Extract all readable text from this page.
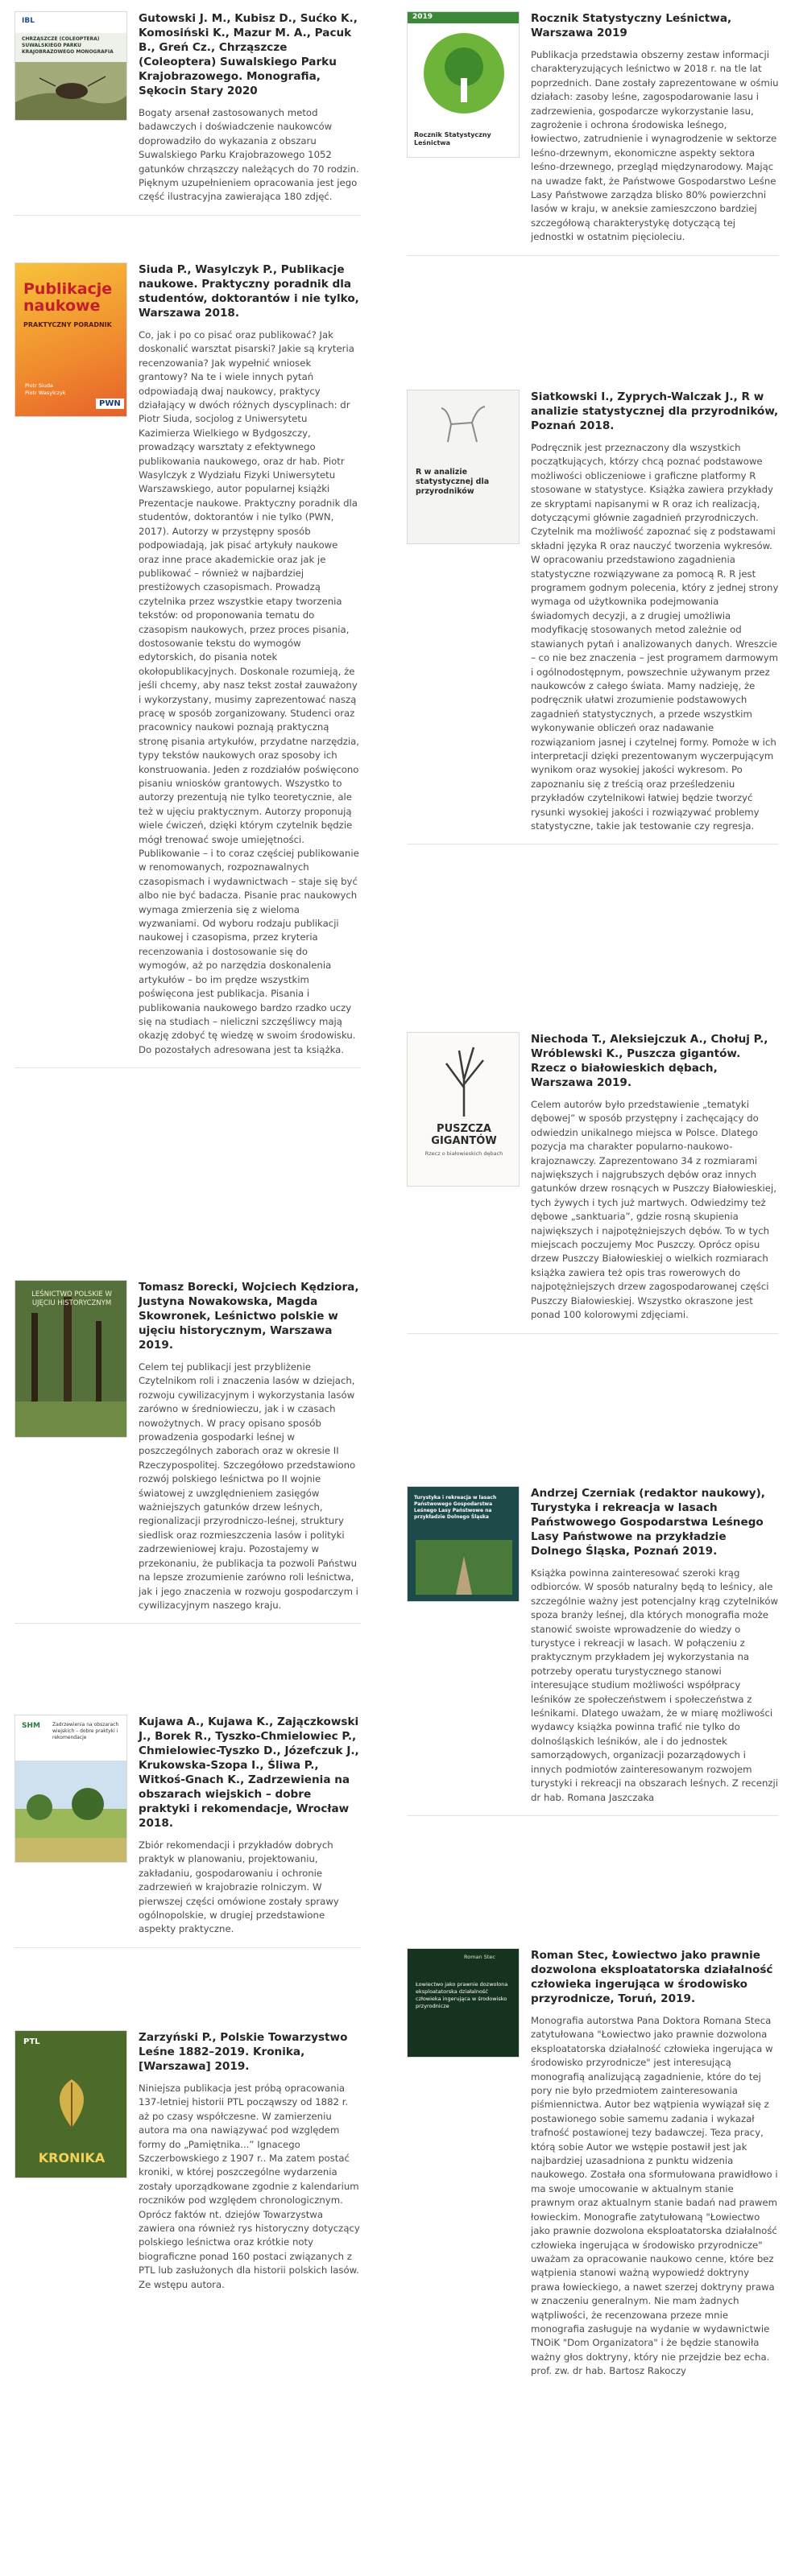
IBL
CHRZĄSZCZE (COLEOPTERA) SUWALSKIEGO PARKU KRAJOBRAZOWEGO MONOGRAFIA
Gutowski J. M., Kubisz D., Sućko K., Komosiński K., Mazur M. A., Pacuk B., Greń Cz., Chrząszcze (Coleoptera) Suwalskiego Parku Krajobrazowego. Monografia, Sękocin Stary 2020
Bogaty arsenał zastosowanych metod badawczych i doświadczenie naukowców doprowadziło do wykazania z obszaru Suwalskiego Parku Krajobrazowego 1052 gatunków chrząszczy należących do 70 rodzin. Pięknym uzupełnieniem opracowania jest jego część ilustracyjna zawierająca 180 zdjęć.
Publikacje naukowe
PRAKTYCZNY PORADNIK
Piotr Siuda
Piotr Wasylczyk
PWN
Siuda P., Wasylczyk P., Publikacje naukowe. Praktyczny poradnik dla studentów, doktorantów i nie tylko, Warszawa 2018.
Co, jak i po co pisać oraz publikować? Jak doskonalić warsztat pisarski? Jakie są kryteria recenzowania? Jak wypełnić wniosek grantowy? Na te i wiele innych pytań odpowiadają dwaj naukowcy, praktycy działający w dwóch różnych dyscyplinach: dr Piotr Siuda, socjolog z Uniwersytetu Kazimierza Wielkiego w Bydgoszczy, prowadzący warsztaty z efektywnego publikowania naukowego, oraz dr hab. Piotr Wasylczyk z Wydziału Fizyki Uniwersytetu Warszawskiego, autor popularnej książki Prezentacje naukowe. Praktyczny poradnik dla studentów, doktorantów i nie tylko (PWN, 2017). Autorzy w przystępny sposób podpowiadają, jak pisać artykuły naukowe oraz inne prace akademickie oraz jak je publikować – również w najbardziej prestiżowych czasopismach. Prowadzą czytelnika przez wszystkie etapy tworzenia tekstów: od proponowania tematu do czasopism naukowych, przez proces pisania, dostosowanie tekstu do wymogów edytorskich, do pisania notek okołopublikacyjnych. Doskonale rozumieją, że jeśli chcemy, aby nasz tekst został zauważony i wykorzystany, musimy zaprezentować naszą pracę w sposób zorganizowany. Studenci oraz pracownicy naukowi poznają praktyczną stronę pisania artykułów, przydatne narzędzia, typy tekstów naukowych oraz sposoby ich konstruowania. Jeden z rozdziałów poświęcono pisaniu wniosków grantowych. Wszystko to autorzy prezentują nie tylko teoretycznie, ale też w ujęciu praktycznym. Autorzy proponują wiele ćwiczeń, dzięki którym czytelnik będzie mógł trenować swoje umiejętności. Publikowanie – i to coraz częściej publikowanie w renomowanych, rozpoznawalnych czasopismach i wydawnictwach – staje się być albo nie być badacza. Pisanie prac naukowych wymaga zmierzenia się z wieloma wyzwaniami. Od wyboru rodzaju publikacji naukowej i czasopisma, przez kryteria recenzowania i dostosowanie się do wymogów, aż po narzędzia doskonalenia artykułów – bo im prędze wszystkim poświęcona jest publikacja. Pisania i publikowania naukowego bardzo rzadko uczy się na studiach – nieliczni szczęśliwcy mają okazję zdobyć tę wiedzę w swoim środowisku. Do pozostałych adresowana jest ta książka.
LEŚNICTWO POLSKIE W UJĘCIU HISTORYCZNYM
Tomasz Borecki, Wojciech Kędziora, Justyna Nowakowska, Magda Skowronek, Leśnictwo polskie w ujęciu historycznym, Warszawa 2019.
Celem tej publikacji jest przybliżenie Czytelnikom roli i znaczenia lasów w dziejach, rozwoju cywilizacyjnym i wykorzystania lasów zarówno w średniowieczu, jak i w czasach nowożytnych. W pracy opisano sposób prowadzenia gospodarki leśnej w poszczególnych zaborach oraz w okresie II Rzeczypospolitej. Szczegółowo przedstawiono rozwój polskiego leśnictwa po II wojnie światowej z uwzględnieniem zasięgów ważniejszych gatunków drzew leśnych, regionalizacji przyrodniczo-leśnej, struktury siedlisk oraz rozmieszczenia lasów i polityki zadrzewieniowej kraju. Pozostajemy w przekonaniu, że publikacja ta pozwoli Państwu na lepsze zrozumienie zarówno roli leśnictwa, jak i jego znaczenia w rozwoju gospodarczym i cywilizacyjnym naszego kraju.
SHM	Zadrzewienia na obszarach wiejskich – dobre praktyki i rekomendacje
Kujawa A., Kujawa K., Zajączkowski J., Borek R., Tyszko-Chmielowiec P., Chmielowiec-Tyszko D., Józefczuk J., Krukowska-Szopa I., Śliwa P., Witkoś-Gnach K., Zadrzewienia na obszarach wiejskich – dobre praktyki i rekomendacje, Wrocław 2018.
Zbiór rekomendacji i przykładów dobrych praktyk w planowaniu, projektowaniu, zakładaniu, gospodarowaniu i ochronie zadrzewień w krajobrazie rolniczym. W pierwszej części omówione zostały sprawy ogólnopolskie, w drugiej przedstawione aspekty praktyczne.
PTL
KRONIKA
Zarzyński P., Polskie Towarzystwo Leśne 1882–2019. Kronika, [Warszawa] 2019.
Niniejsza publikacja jest próbą opracowania 137-letniej historii PTL począwszy od 1882 r. aż po czasy współczesne. W zamierzeniu autora ma ona nawiązywać pod względem formy do „Pamiętnika...” Ignacego Szczerbowskiego z 1907 r.. Ma zatem postać kroniki, w której poszczególne wydarzenia zostały uporządkowane zgodnie z kalendarium roczników pod względem chronologicznym. Oprócz faktów nt. dziejów Towarzystwa zawiera ona również rys historyczny dotyczący polskiego leśnictwa oraz krótkie noty biograficzne ponad 160 postaci związanych z PTL lub zasłużonych dla historii polskich lasów. Ze wstępu autora.
2019
Rocznik Statystyczny Leśnictwa
Rocznik Statystyczny Leśnictwa, Warszawa 2019
Publikacja przedstawia obszerny zestaw informacji charakteryzujących leśnictwo w 2018 r. na tle lat poprzednich. Dane zostały zaprezentowane w ośmiu działach: zasoby leśne, zagospodarowanie lasu i zadrzewienia, gospodarcze wykorzystanie lasu, zagrożenie i ochrona środowiska leśnego, łowiectwo, zatrudnienie i wynagrodzenie w sektorze leśno-drzewnym, ekonomiczne aspekty sektora leśno-drzewnego, przegląd międzynarodowy. Mając na uwadze fakt, że Państwowe Gospodarstwo Leśne Lasy Państwowe zarządza blisko 80% powierzchni lasów w kraju, w aneksie zamieszczono bardziej szczegółową charakterystykę dotyczącą tej jednostki w ostatnim pięcioleciu.
R w analizie statystycznej dla przyrodników
Siatkowski I., Zyprych-Walczak J., R w analizie statystycznej dla przyrodników, Poznań 2018.
Podręcznik jest przeznaczony dla wszystkich początkujących, którzy chcą poznać podstawowe możliwości obliczeniowe i graficzne platformy R stosowane w statystyce. Książka zawiera przykłady ze skryptami napisanymi w R oraz ich realizacją, dotyczącymi głównie zagadnień przyrodniczych. Czytelnik ma możliwość zapoznać się z podstawami składni języka R oraz nauczyć tworzenia wykresów. W opracowaniu przedstawiono zagadnienia statystyczne rozwiązywane za pomocą R. R jest programem godnym polecenia, który z jednej strony wymaga od użytkownika podejmowania świadomych decyzji, a z drugiej umożliwia modyfikację stosowanych metod zależnie od stawianych pytań i analizowanych danych. Wreszcie – co nie bez znaczenia – jest programem darmowym i ogólnodostępnym, powszechnie używanym przez naukowców z całego świata. Mamy nadzieję, że podręcznik ułatwi zrozumienie podstawowych zagadnień statystycznych, a przede wszystkim wykonywanie obliczeń oraz nadawanie rozwiązaniom jasnej i czytelnej formy. Pomoże w ich interpretacji dzięki prezentowanym wyczerpującym wynikom oraz wysokiej jakości wykresom. Po zapoznaniu się z treścią oraz prześledzeniu przykładów czytelnikowi łatwiej będzie tworzyć rysunki wysokiej jakości i rozwiązywać problemy statystyczne, takie jak testowanie czy regresja.
PUSZCZA GIGANTÓW
Rzecz o białowieskich dębach
Niechoda T., Aleksiejczuk A., Chołuj P., Wróblewski K., Puszcza gigantów. Rzecz o białowieskich dębach, Warszawa 2019.
Celem autorów było przedstawienie „tematyki dębowej” w sposób przystępny i zachęcający do odwiedzin unikalnego miejsca w Polsce. Dlatego pozycja ma charakter popularno-naukowo-krajoznawczy. Zaprezentowano 34 z rozmiarami największych i najgrubszych dębów oraz innych gatunków drzew rosnących w Puszczy Białowieskiej, tych żywych i tych już martwych. Odwiedzimy też dębowe „sanktuaria”, gdzie rosną skupienia największych i najpotężniejszych dębów. To w tych miejscach poczujemy Moc Puszczy. Oprócz opisu drzew Puszczy Białowieskiej o wielkich rozmiarach książka zawiera też opis tras rowerowych do najpotężniejszych drzew zagospodarowanej części Puszczy Białowieskiej. Wszystko okraszone jest ponad 100 kolorowymi zdjęciami.
Turystyka i rekreacja w lasach Państwowego Gospodarstwa Leśnego Lasy Państwowe na przykładzie Dolnego Śląska
Andrzej Czerniak (redaktor naukowy), Turystyka i rekreacja w lasach Państwowego Gospodarstwa Leśnego Lasy Państwowe na przykładzie Dolnego Śląska, Poznań 2019.
Książka powinna zainteresować szeroki krąg odbiorców. W sposób naturalny będą to leśnicy, ale szczególnie ważny jest potencjalny krąg czytelników spoza branży leśnej, dla których monografia może stanowić swoiste wprowadzenie do wiedzy o turystyce i rekreacji w lasach. W połączeniu z praktycznym przykładem jej wykorzystania na potrzeby operatu turystycznego stanowi interesujące studium możliwości współpracy leśników ze społeczeństwem i społeczeństwa z leśnikami. Dlatego uważam, że w miarę możliwości wydawcy książka powinna trafić nie tylko do dolnośląskich leśników, ale i do jednostek samorządowych, organizacji pozarządowych i innych podmiotów zainteresowanym rozwojem turystyki i rekreacji na obszarach leśnych. Z recenzji dr hab. Romana Jaszczaka
Roman Stec
Łowiectwo jako prawnie dozwolona eksploatatorska działalność człowieka ingerująca w środowisko przyrodnicze
Roman Stec, Łowiectwo jako prawnie dozwolona eksploatatorska działalność człowieka ingerująca w środowisko przyrodnicze, Toruń, 2019.
Monografia autorstwa Pana Doktora Romana Steca zatytułowana "Łowiectwo jako prawnie dozwolona eksploatatorska działalność człowieka ingerująca w środowisko przyrodnicze" jest interesującą monografią analizującą zagadnienie, które do tej pory nie było przedmiotem zainteresowania piśmiennictwa. Autor bez wątpienia wywiązał się z postawionego sobie samemu zadania i wykazał trafność postawionej tezy badawczej. Teza pracy, którą sobie Autor we wstępie postawił jest jak najbardziej uzasadniona z punktu widzenia naukowego. Została ona sformułowana prawidłowo i ma swoje umocowanie w aktualnym stanie prawnym oraz aktualnym stanie badań nad prawem łowieckim. Monografie zatytułowaną "Łowiectwo jako prawnie dozwolona eksploatatorska działalność człowieka ingerująca w środowisko przyrodnicze" uważam za opracowanie naukowo cenne, które bez wątpienia stanowi ważną wypowiedź doktryny prawa łowieckiego, a nawet szerzej doktryny prawa w znaczeniu generalnym. Nie mam żadnych wątpliwości, że recenzowana przeze mnie monografia zasługuje na wydanie w wydawnictwie TNOiK "Dom Organizatora" i że będzie stanowiła ważny głos doktryny, który nie przejdzie bez echa. prof. zw. dr hab. Bartosz Rakoczy
